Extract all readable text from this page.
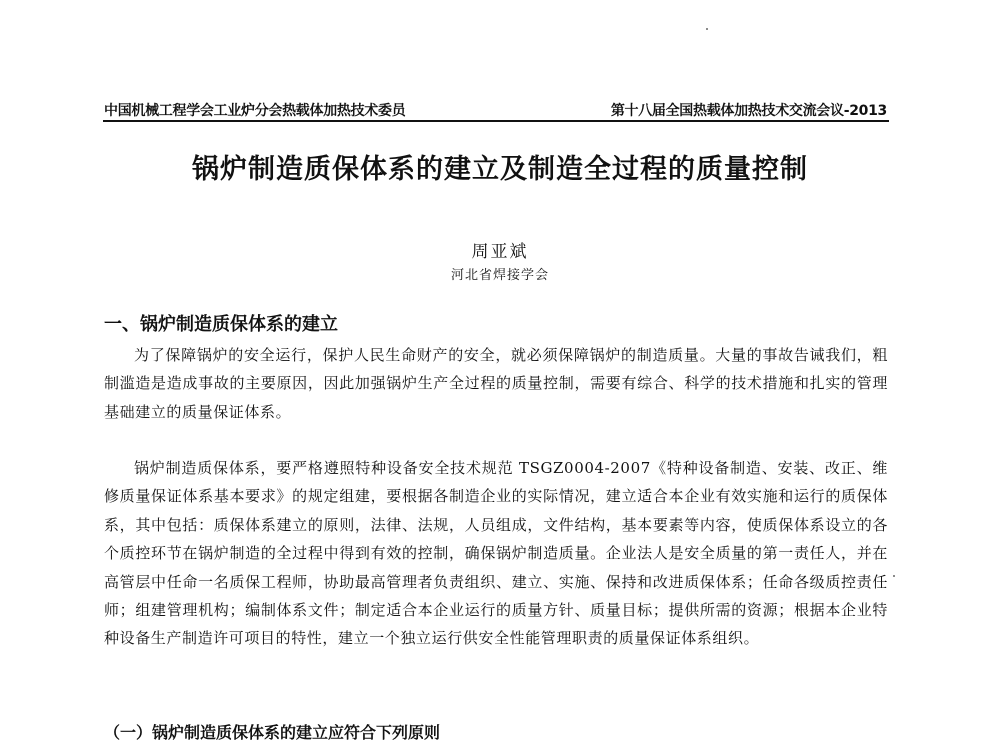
中国机械工程学会工业炉分会热载体加热技术委员	第十八届全国热载体加热技术交流会议-2013
锅炉制造质保体系的建立及制造全过程的质量控制
周亚斌
河北省焊接学会
一、锅炉制造质保体系的建立

为了保障锅炉的安全运行，保护人民生命财产的安全，就必须保障锅炉的制造质量。大量的事故告诫我们，粗制滥造是造成事故的主要原因，因此加强锅炉生产全过程的质量控制，需要有综合、科学的技术措施和扎实的管理基础建立的质量保证体系。

锅炉制造质保体系，要严格遵照特种设备安全技术规范 TSGZ0004-2007《特种设备制造、安装、改正、维修质量保证体系基本要求》的规定组建，要根据各制造企业的实际情况，建立适合本企业有效实施和运行的质保体系，其中包括：质保体系建立的原则，法律、法规，人员组成，文件结构，基本要素等内容，使质保体系设立的各个质控环节在锅炉制造的全过程中得到有效的控制，确保锅炉制造质量。企业法人是安全质量的第一责任人，并在高管层中任命一名质保工程师，协助最高管理者负责组织、建立、实施、保持和改进质保体系；任命各级质控责任师；组建管理机构；编制体系文件；制定适合本企业运行的质量方针、质量目标；提供所需的资源；根据本企业特种设备生产制造许可项目的特性，建立一个独立运行供安全性能管理职责的质量保证体系组织。

（一）锅炉制造质保体系的建立应符合下列原则
